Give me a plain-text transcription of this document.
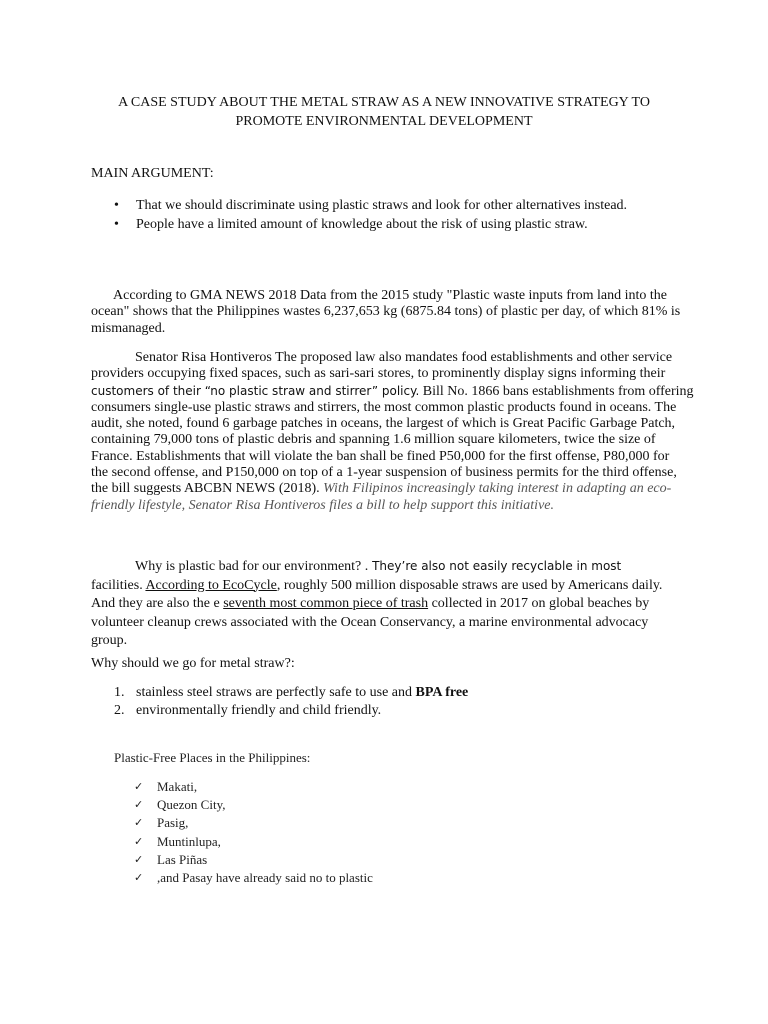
A CASE STUDY ABOUT THE METAL STRAW AS A NEW INNOVATIVE STRATEGY TO
PROMOTE ENVIRONMENTAL DEVELOPMENT
MAIN ARGUMENT:
• That we should discriminate using plastic straws and look for other alternatives instead.
• People have a limited amount of knowledge about the risk of using plastic straw.
According to GMA NEWS 2018 Data from the 2015 study "Plastic waste inputs from land into the
ocean" shows that the Philippines wastes 6,237,653 kg (6875.84 tons) of plastic per day, of which 81% is
mismanaged.
Senator Risa Hontiveros The proposed law also mandates food establishments and other service
providers occupying fixed spaces, such as sari-sari stores, to prominently display signs informing their
customers of their “no plastic straw and stirrer” policy. Bill No. 1866 bans establishments from offering
consumers single-use plastic straws and stirrers, the most common plastic products found in oceans. The
audit, she noted, found 6 garbage patches in oceans, the largest of which is Great Pacific Garbage Patch,
containing 79,000 tons of plastic debris and spanning 1.6 million square kilometers, twice the size of
France. Establishments that will violate the ban shall be fined P50,000 for the first offense, P80,000 for
the second offense, and P150,000 on top of a 1-year suspension of business permits for the third offense,
the bill suggests ABCBN NEWS (2018). With Filipinos increasingly taking interest in adapting an eco-
friendly lifestyle, Senator Risa Hontiveros files a bill to help support this initiative.
Why is plastic bad for our environment? . They’re also not easily recyclable in most
facilities. According to EcoCycle, roughly 500 million disposable straws are used by Americans daily.
And they are also the e seventh most common piece of trash collected in 2017 on global beaches by
volunteer cleanup crews associated with the Ocean Conservancy, a marine environmental advocacy
group.
Why should we go for metal straw?:
1. stainless steel straws are perfectly safe to use and BPA free
2. environmentally friendly and child friendly.
Plastic-Free Places in the Philippines:
✓ Makati,
✓ Quezon City,
✓ Pasig,
✓ Muntinlupa,
✓ Las Piñas
✓ ,and Pasay have already said no to plastic
